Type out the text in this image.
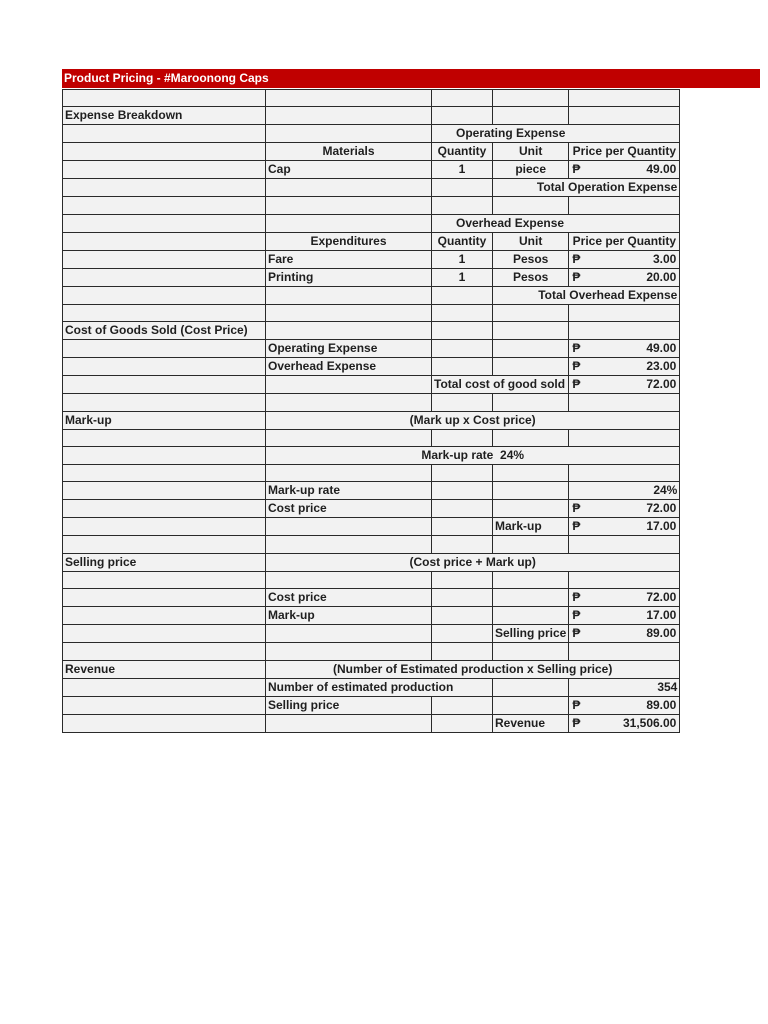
Product Pricing - #Maroonong Caps

Expense Breakdown				
		Operating Expense		
	Materials	Quantity	Unit	Price per Quantity
	Cap	1	piece	₱ 49.00
			Total Operation Expense	

		Overhead Expense		
	Expenditures	Quantity	Unit	Price per Quantity
	Fare	1	Pesos	₱ 3.00
	Printing	1	Pesos	₱ 20.00
			Total Overhead Expense	

Cost of Goods Sold (Cost Price)				
	Operating Expense			₱ 49.00
	Overhead Expense			₱ 23.00
		Total cost of good sold		₱ 72.00

Mark-up	(Mark up x Cost price)			

	Mark-up rate  24%			

	Mark-up rate			24%
	Cost price			₱ 72.00
			Mark-up	₱ 17.00

Selling price	(Cost price + Mark up)			

	Cost price			₱ 72.00
	Mark-up			₱ 17.00
			Selling price	₱ 89.00

Revenue	(Number of Estimated production x Selling price)			
	Number of estimated production			354
	Selling price			₱ 89.00
			Revenue	₱ 31,506.00
